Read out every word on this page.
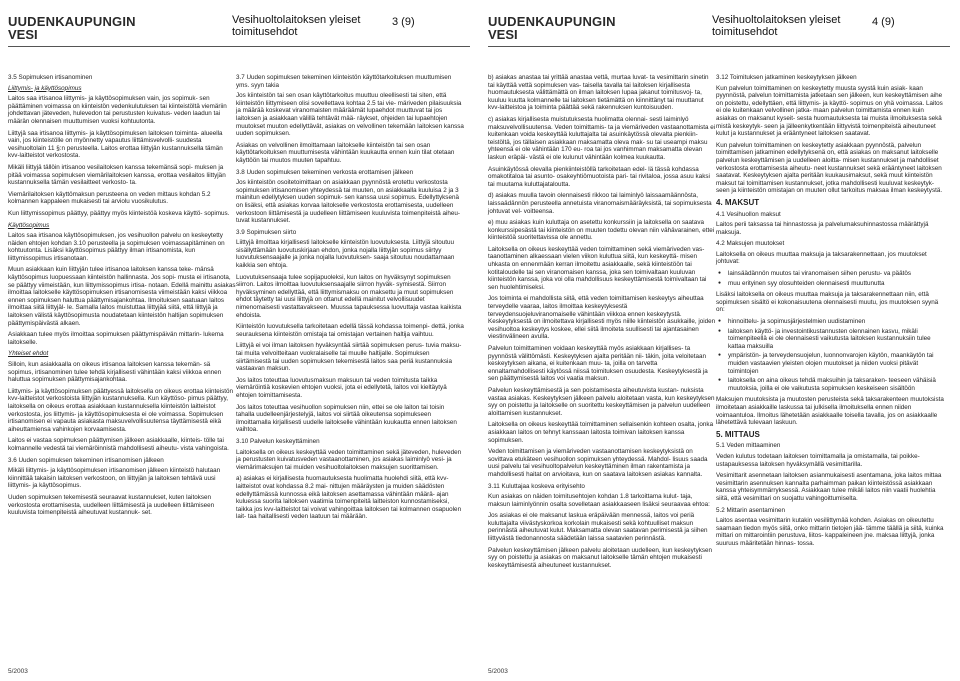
UUDENKAUPUNGIN
VESI
Vesihuoltolaitoksen yleiset
toimitusehdot
3 (9)
3.5 Sopimuksen irtisanominen
Liittymis- ja käyttösopimus

Laitos saa irtisanoa liittymis- ja käyttösopimuksen vain, jos sopimuk- sen päättäminen voimassa on kiinteistön vedenkulutuksen tai kiinteistöltä viemäriin johdettavan jäteveden, hulevedon tai perustusten kuivatus- veden laadun tai määrän olennaisen muuttumisen vuoksi kohtuutonta.

Liittyjä saa irtisanoa liittymis- ja käyttösopimuksen laitoksen toiminta- alueella vain, jos kiinteistölle on myönnetty vapautus liittämisvelvolli- suudesta vesihuoltolain 11 §:n perusteella. Laitos erottaa liittyjän kustannuksella tämän kvv-laitteistot verkostosta.

Mikäli liittyjä tällöin irtisanoo vesilaitoksen kanssa tekemänsä sopi- muksen ja pitää voimassa sopimuksen viemärilaitoksen kanssa, erottaa vesilaitos liittyjän kustannuksella tämän vesilaitteet verkosto- ta.

Viemärilaitoksen käyttömaksun perusteena on veden mittaus kohdan 5.2 kolmannen kappaleen mukaisesti tai arviolu vuosikulutus.

Kun liittymissopimus päättyy, päättyy myös kiinteistöä koskeva käyttö- sopimus.

Käyttösopimus

Laitos saa irtisanoa käyttösopimuksen, jos vesihuollon palvelu on keskeytetty näiden ehtojen kohdan 3.10 perusteella ja sopimuksen voimassapitäminen on kohtuutonta. Lisäksi käyttösopimus päättyy ilman irtisanomista, kun liittymissopimus irtisanotaan.

Muun asiakkaan kuin liittyjän tulee irtisanoa laitoksen kanssa teke- mänsä käyttösopimus luopuessaan kiinteistön hallinnasta. Jos sopi- musta ei irtisanota, se päättyy viimeistään, kun liittymissopimus irtisa- notaan. Edellä mainittu asiakas ilmoittaa laitokselle käyttösopimuksen irtisanomisesta viimeistään kaksi viikkoa ennen sopimuksen haluttua päättymisajankohtaa. Ilmoituksen saatuaan laitos ilmoittaa siitä liittyjäl- le. Samalla laitos muistuttaa liittyjää siitä, että liittyjä ja laitoksen välistä käyttösopimusta noudatetaan kiinteistön haltijan sopimuksen päättymispäivästä alkaen.

Asiakkaan tulee myös ilmoittaa sopimuksen päättymispäivän mittarin- lukema laitokselle.

Yhteiset ehdot

Silloin, kun asiakkaalla on oikeus irtisanoa laitoksen kanssa tekemän- sä sopimus, irtisanominen tulee tehdä kirjallisesti vähintään kaksi viikkoa ennen haluttua sopimuksen päättymisajankohtaa.

Liittymis- ja käyttösopimuksen päättyessä laitoksella on oikeus erottaa kiinteistön kvv-laitteistot verkostoista liittyjän kustannuksella. Kun käyttöso- pimus päättyy, laitoksella on oikeus erottaa asiakkaan kustannuksella kiinteistön laitteistot verkostosta, jos liittymis- ja käyttösopimuksesta ei ole voimassa. Sopimuksen irtisanomisen ei vapauta asiakasta maksuvelvollisuutensa täyttämisestä eikä aiheuttamiensa vahinkojen korvaamisesta.

Laitos ei vastaa sopimuksen päättymisen jälkeen asiakkaalle, kiinteis- tölle tai kolmannelle vedestä tai viemäröinnistä mahdollisesti aiheutu- vista vahingoista.

3.6 Uuden sopimuksen tekeminen irtisanomisen jälkeen

Mikäli liittymis- ja käyttösopimuksen irtisanomisen jälkeen kiinteistö halutaan kiinnittää takaisin laitoksen verkostoon, on liittyjän ja laitoksen tehtävä uusi liittymis- ja käyttösopimus.

Uuden sopimuksen tekemisestä seuraavat kustannukset, kuten laitoksen verkostosta erottamisesta, uudelleen liittämisestä ja uudelleen liittämiseen kuuluvista toimenpiteistä aiheutuvat kustannuk- set.

3.7 Uuden sopimuksen tekeminen kiinteistön käyttötarkoituksen muuttumisen yms. syyn takia

Jos kiinteistön tai sen osan käyttötarkoitus muuttuu oleellisesti tai siten, että kiinteistön liittymiseen olisi sovellettava kohtaa 2.5 tai vie- märiveden pilaisuuksia ja määrää koskevat viranomaisten määräämät lupaehdot muuttuvat tai jos laitoksen ja asiakkaan välillä tehtävät mää- räykset, ohjeiden tai lupaehtojen muutokset muuton edellyttävät, asiakas on velvollinen tekemään laitoksen kanssa uuden sopimuksen.

Asiakas on velvollinen ilmoittamaan laitokselle kiinteistön tai sen osan käyttötarkoituksen muuttumisesta vähintään kuukautta ennen kuin tilat otetaan käyttöön tai muutos muuten tapahtuu.

3.8 Uuden sopimuksen tekeminen verkosta erottamisen jälkeen

Jos kiinteistön osoitetoimittaan on asiakkaan pyynnöstä erotettu verkostosta sopimuksen irtisanomisen yhteydessä tai muuten, on asiakkaalla kuuluisa 2 ja 3 mainitun edellytyksen uuden sopimuk- sen kanssa uusi sopimus. Edellyttyksenä on lisäksi, että asiakas korvaa laitokselle verkostosta erottamisesta, uudelleen verkostoon liittämisestä ja uudelleen liittämiseen kuuluvista toimenpiteistä aiheu- tuvat kustannukset.

3.9 Sopimuksen siirto

Liittyjä ilmoittaa kirjallisesti laitokselle kiinteistön luovutuksesta. Liittyjä sitoutuu sisällyttämään luovutuskirjaan ehdon, jonka nojalla liittyjän sopimus siirtyy luovutuksensaajalle ja jonka nojalla luovutuksen- saaja sitoutuu noudattamaan kaikkia sen ehtoja.

Luovutuksensaaja tulee sopijapuoleksi, kun laitos on hyväksynyt sopimuksen siirron. Laitos ilmoittaa luovutuksensaajalle siirron hyväk- symisestä. Siirron hyväksyminen edellyttää, että liittymismaksu on maksettu ja muut sopimuksen ehdot täytetty tai uusi liittyjä on ottanut edellä mainitut velvollisuudet nimenomaisesti vastattavakseen. Muussa tapauksessa luovuttaja vastaa kaikista ehdoista.

Kiinteistön luovutuksella tarkoitetaan edellä tässä kohdassa toimenpi- dettä, jonka seurauksena kiinteistön omistaja tai omistajan vertainen haltija vaihtuu.

Liittyjä ei voi ilman laitoksen hyväksyntää siirtää sopimuksen perus- tuvia maksu- tai muita velvoitteitaan vuokralaiselle tai muulle haltijalle. Sopimuksen siirtämisestä tai uuden sopimuksen tekemisestä laitos saa periä kustannuksia vastaavan maksun.

Jos laitos toteuttaa luovutusmaksun maksuun tai veden toimitusta taikka viemäröintiä koskevien ehtojen vuoksi, jota ei edellytetä, laitos voi kieltäytyä ehtojen toimittamisesta.

Jos laitos toteuttaa vesihuollon sopimuksen niin, ettei se ole laiton tai toisin tahalla uudelleenjärjestelyjä, laitos voi siirtää oikeutensa sopimukseen ilmoittamalla kirjallisesti uudelle laitokselle vähintään kuukautta ennen laitoksen vaihtoa.

3.10 Palvelun keskeyttäminen

Laitoksella on oikeus keskeyttää veden toimittaminen sekä jäteveden, huleveden ja perustusten kuivatusveden vastaanottaminen, jos asiakas laiminlyö vesi- ja viemärimaksujen tai muiden vesihuoltolaitoksen maksujen suorittamisen.

a) asiakas ei kirjallisesta huomautuksesta huolimatta huolehdi siitä, että kvv-laitteistot ovat kohdassa 8.2 mai- nittujen määräysten ja muiden säädösten edellyttämässä kunnossa eikä laitoksen asettamassa vähintään määrä- ajan kuluessa suorita laitoksen vaatimia toimenpiteitä laitteiston kunnostamiseksi, taikka jos kvv-laitteistot tai voivat vahingoittaa laitoksen tai kolmannen osapuolen lait- taa haitallisesti veden laatuun tai määrään.

5/2003
UUDENKAUPUNGIN
VESI
Vesihuoltolaitoksen yleiset
toimitusehdot
4 (9)

b) asiakas anastaa tai yrittää anastaa vettä, murtaa luvat- ta vesimittarin sinetin tai käyttää vettä sopimuksen vas- taisella tavalla tai laitoksen kirjallisesta huomautuksesta välittämättä on ilman laitoksen lupaa jakanut toimitusvoj- ta, kuuluu kuutta kolmannelle tai laitoksen tietämättä on kiinnittänyt tai muuttanut kvv-laitteistoa ja toiminta päättää sekä rakennuksen kuntoisuuden.

c) asiakas kirjallisesta muistutuksesta huolimatta olennai- sesti laiminlyö maksuvelvollisuutensa. Veden toimittamis- ta ja viemäriveden vastaanottamista ei kuitenkaan voida keskeyttää kuluttajalta tai asuinkäytössä olevalta pienkiin- teistöltä, jos tällaisen asiakkaan maksamatta oleva mak- su tai useampi maksu yhteensä ei ole vähintään 170 eu- roa tai jos vanhimman maksamatta olevan laskun eräpäi- västä ei ole kulunut vähintään kolmea kuukautta.

Asuinkäytössä olevalla pienkiinteistöllä tarkoitetaan edel- lä tässä kohdassa omakotitaloa tai asunto- osakeyhtiömuotoista pari- tai rivitaloa, jossa asuu kaksi tai muutama kuluttajataloutta.

d) asiakas muulla tavoin olennaisesti rikkoo tai laiminlyö laissaamäännösta, laissaädännön perusteella annetuista viranomaismääräyksistä, tai sopimuksesta johtuvat vel- voitteensa.

e) muu asiakas kuin kuluttaja on asetettu konkurssiin ja laitoksella on saatava konkurssipesästä tai kiinteistön on muuten todettu olevan niin vähävarainen, ettei kiinteistöä suoritettavissa ole annettu.

Laitoksella on oikeus keskeyttää veden toimittaminen sekä viemäriveden vas- taanottaminen alkaessaan vielen viikon kuluttua siitä, kun keskeyttä- misen uhkasta on ennenmään kerran ilmoitettu asiakkaalle, sekä kiinteistöön tai kotitaloudelle tai sen viranomaisen kanssa, joka sen toimivaltaan kuuluvan kiinteistön kanssa, joka voi olla mahdollisuus keskeyttämisestä toimivaltaan tai sen huolehtimiseksi.

Jos toiminta ei mahdollista siitä, että veden toimittamisen keskeytys aiheuttaa terveydelle vaaraa, laitos ilmoittaa keskeytyksestä terveydensuojeluviranomaiselle vähintään viikkoa ennen keskeytystä. Keskeytyksestä on ilmoitettava kirjallisesti myös niille kiinteistön asukkaille, joiden vesihuoltoa keskeytys koskee, ellei siitä ilmoiteta suullisesti tai ajantasainen viestinvälineen avulla.

Palvelun toimittaminen voidaan keskeyttää myös asiakkaan kirjallises- ta pyynnöstä välittömästi. Keskeytyksen ajalta peritään nii- täkin, joita veloitetaan keskeytyksen aikana, ei kuitenkaan muu- ta, joilla on tarvetta ennaltamahdollisesti käytössä niissä toimituksen osuudesta. Keskeytyksestä ja sen päättymisestä laitos voi vaatia maksun.

Palvelun keskeyttämisestä ja sen poistamisesta aiheutuvista kustan- nuksista vastaa asiakas. Keskeytyksen jälkeen palvelu aloitetaan vasta, kun keskeytyksen syy on poistettu ja laitokselle on suoritettu keskeyttämisen ja palvelun uudelleen aloittamisen kustannukset.

Laitoksella on oikeus keskeyttää toimittaminen sellaisenkin kohteen osalta, jonka asiakkaan laitos on tehnyt kanssaan laitosta toimivan laitoksen kanssa sopimuksen.

Veden toimittamisen ja viemäriveden vastaanottamisen keskeytyksistä on sovittava etukäteen vesihuollon sopimuksen yhteydessä. Mahdol- lisuus saada uusi palvelu tai vesihuoltopalvelun keskeyttäminen ilman rakentamista ja mahdollisesti haitat on arvioitava, kun on saatava laitoksen asiakas kannalta.

3.11 Kuluttajaa koskeva erityisehto

Kun asiakas on näiden toimitusehtojen kohdan 1.8 tarkoittama kulut- taja, maksun laiminlyönnin osalta sovelletaan asiakkaaseen lisäksi seuraavaa ehtoa:

Jos asiakas ei ole maksanut laskua eräpäivään mennessä, laitos voi periä kuluttajalta viivästyskorkoa korkolain mukaisesti sekä kohtuulliset maksun perinnästä aiheutuvat kulut. Maksamatta olevan saatavan perimisestä ja siihen liittyvästä tiedonannosta säädetään laissa saatavien perinnästä.

Palvelun keskeyttämisen jälkeen palvelu aloitetaan uudelleen, kun keskeytyksen syy on poistettu ja asiakas on maksanut laitokselle tämän ehtojen mukaisesti keskeyttämisestä aiheutuneet kustannukset.

3.12 Toimituksen jatkaminen keskeytyksen jälkeen

Kun palvelun toimittaminen on keskeytetty muusta syystä kuin asiak- kaan pyynnöstä, palvelun toimittamista jatketaan sen jälkeen, kun keskeyttämisen aihe on poistettu, edellyttäen, että liittymis- ja käyttö- sopimus on yhä voimassa. Laitos ei ole kuitenkaan velvollinen jatka- maan palvelun toimittamista ennen kuin asiakas on maksanut kyseit- sesta huomautuksesta tai muista ilmoituksesta sekä mistä keskeytyk- seen ja jälleenkytkentään liittyvistä toimenpiteistä aiheutuneet kulut ja kustannukset ja erääntyneet laitoksen saatavat.

Kun palvelun toimittaminen on keskeytetty asiakkaan pyynnöstä, palvelun toimittamisen jatkaminen edellytyksenä on, että asiakas on maksanut laitokselle palvelun keskeyttämisen ja uudelleen aloitta- misen kustannukset ja mahdolliset verkostosta erottamisesta aiheutu- neet kustannukset sekä erääntyneet laitoksen saatavat. Keskeytyksen ajalta peritään kuukausimaksut, sekä muut kiinteistön maksut tai toimittamisen kustannukset, jotka mahdollisesti kuuluvat keskeytyk- seen ja kiinteistön omistajan on muuten ollut tarkoitus maksaa ilman keskeytystä.

4. MAKSUT
4.1 Vesihuollon maksut

Laitos perii taksassa tai hinnastossa ja palvelumaksuhinnastossa määrättyjä maksuja.

4.2 Maksujen muutokset

Laitoksella on oikeus muuttaa maksuja ja taksarakennettaan, jos muutokset johtuvat:

● lainsäädännön muutos tai viranomaisen siihen perustu- va päätös
● muu erityinen syy olosuhteiden olennaisesti muuttunutta

Lisäksi laitoksella on oikeus muuttaa maksuja ja taksarakennettaan niin, että sopimuksen sisältö ei kokonaisuutena olennaisesti muutu, jos muutoksen syynä on:

● hinnoittelu- ja sopimusjärjestelmien uudistaminen
● laitoksen käyttö- ja investointikustannusten olennainen kasvu, mikäli toimenpiteellä ei ole olennaisesti vaikutusta laitoksen kustannuksiin tulee kattaa maksuilla
● ympäristön- ja terveydensuojelun, luonnonvarojen käytön, maankäytön tai muiden vastaavien yleisten olojen muutokset ja niiden vuoksi pitävät toimintojen
● laitoksella on aina oikeus tehdä maksuihin ja taksaraken- teeseen vähäisiä muutoksia, joilla ei ole vaikutusta sopimuksen keskeiseen sisältöön

Maksujen muutoksista ja muutosten perusteista sekä taksarakenteen muutoksista ilmoitetaan asiakkaille laskussa tai julkisella ilmoituksella ennen niiden voimaantuloa. Ilmoitus lähetetään asiakkaalle toisella tavalla, jos on asiakkaalle lähetettävä tulevaan laskuun.

5. MITTAUS
5.1 Veden mittaaminen

Veden kulutus todetaan laitoksen toimittamalla ja omistamalla, tai poikke- ustapauksessa laitoksen hyväksymällä vesimittarilla.

Vesimittarit asennetaan laitoksen asianmukaisesti asentamana, joka laitos mittaa vesimittarin asennuksen kannalta parhaimman paikan kiinteistössä asiakkaan kanssa yhteisymmärryksessä. Asiakkaan tulee mikäli laitos niin vaatii huolehtia siitä, että vesimittari on suojattu vahingoittumiselta.

5.2 Mittarin asentaminen

Laitos asentaa vesimittarin kutakin vesiliittymää kohden. Asiakas on oikeutettu saamaan tiedon myös siitä, onko mittarin tietojen jää- tämme täällä ja siitä, kuinka mittari on mittarointiin perustuva, liitos- kappaleineen jne. maksaa liittyjä, jonka suuruus määritetään hinnas- tossa.

5/2003
